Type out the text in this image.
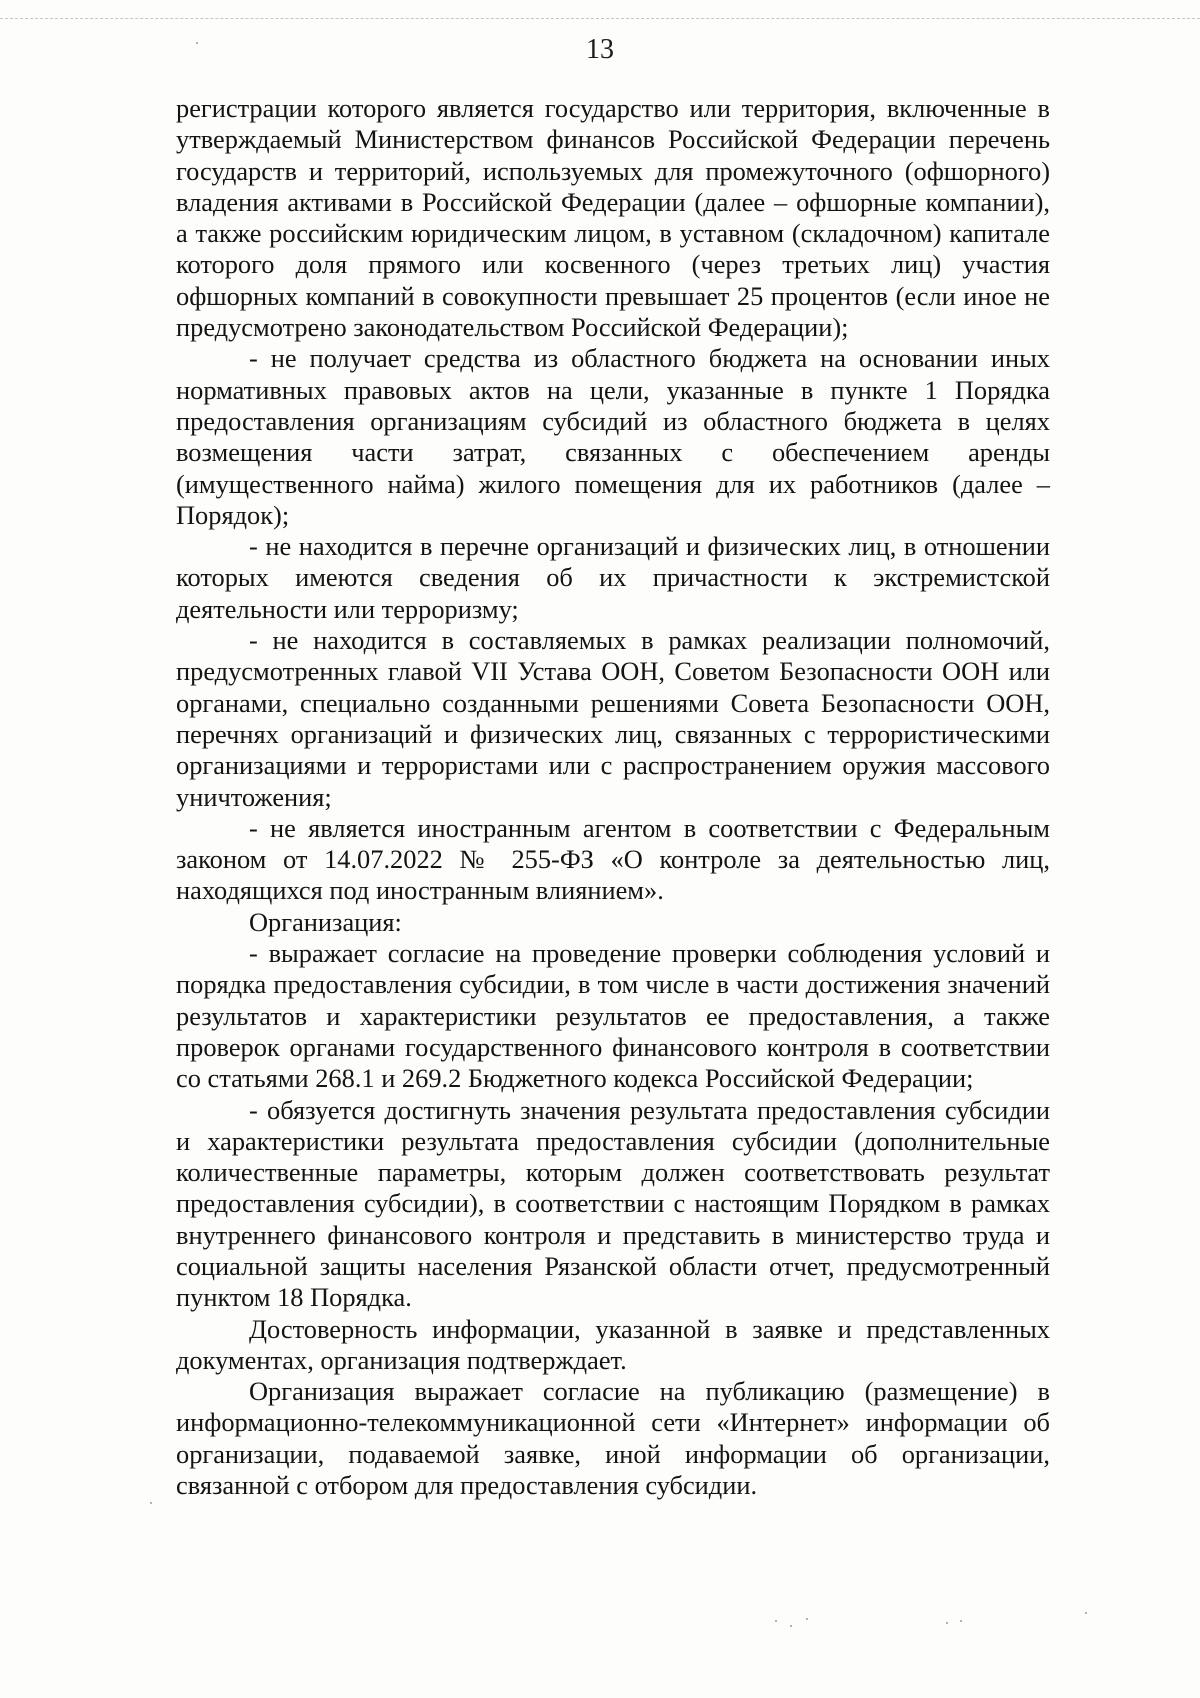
13

регистрации которого является государство или территория, включенные в утверждаемый Министерством финансов Российской Федерации перечень государств и территорий, используемых для промежуточного (офшорного) владения активами в Российской Федерации (далее – офшорные компании), а также российским юридическим лицом, в уставном (складочном) капитале которого доля прямого или косвенного (через третьих лиц) участия офшорных компаний в совокупности превышает 25 процентов (если иное не предусмотрено законодательством Российской Федерации);

- не получает средства из областного бюджета на основании иных нормативных правовых актов на цели, указанные в пункте 1 Порядка предоставления организациям субсидий из областного бюджета в целях возмещения части затрат, связанных с обеспечением аренды (имущественного найма) жилого помещения для их работников (далее – Порядок);

- не находится в перечне организаций и физических лиц, в отношении которых имеются сведения об их причастности к экстремистской деятельности или терроризму;

- не находится в составляемых в рамках реализации полномочий, предусмотренных главой VII Устава ООН, Советом Безопасности ООН или органами, специально созданными решениями Совета Безопасности ООН, перечнях организаций и физических лиц, связанных с террористическими организациями и террористами или с распространением оружия массового уничтожения;

- не является иностранным агентом в соответствии с Федеральным законом от 14.07.2022 № 255-ФЗ «О контроле за деятельностью лиц, находящихся под иностранным влиянием».

Организация:

- выражает согласие на проведение проверки соблюдения условий и порядка предоставления субсидии, в том числе в части достижения значений результатов и характеристики результатов ее предоставления, а также проверок органами государственного финансового контроля в соответствии со статьями 268.1 и 269.2 Бюджетного кодекса Российской Федерации;

- обязуется достигнуть значения результата предоставления субсидии и характеристики результата предоставления субсидии (дополнительные количественные параметры, которым должен соответствовать результат предоставления субсидии), в соответствии с настоящим Порядком в рамках внутреннего финансового контроля и представить в министерство труда и социальной защиты населения Рязанской области отчет, предусмотренный пунктом 18 Порядка.

Достоверность информации, указанной в заявке и представленных документах, организация подтверждает.

Организация выражает согласие на публикацию (размещение) в информационно-телекоммуникационной сети «Интернет» информации об организации, подаваемой заявке, иной информации об организации, связанной с отбором для предоставления субсидии.
